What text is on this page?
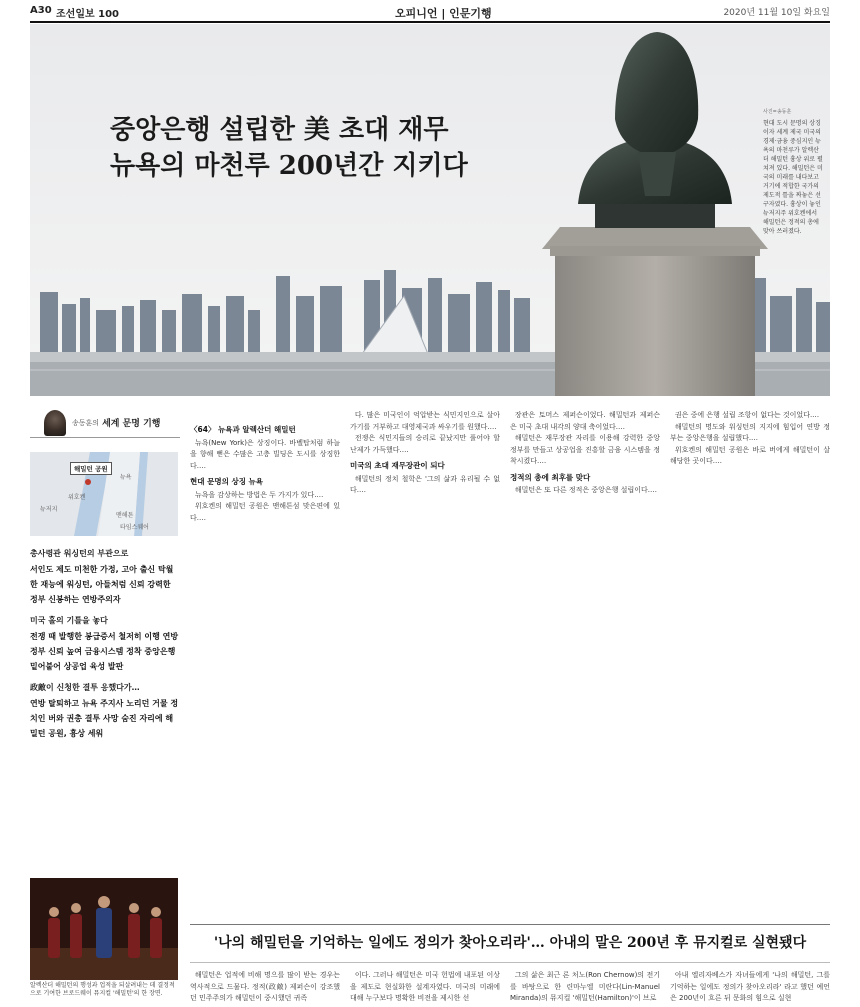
A30 조선일보 100	오피니언 | 인문기행	2020년 11월 10일 화요일
중앙은행 설립한 美 초대 재무
뉴욕의 마천루 200년간 지키다
사진=송동훈
현대 도시 문명의 상징이자 세계 제국 미국의 경제·금융 중심지인 뉴욕의 마천루가 알렉산더 해밀턴 흉상 위로 펼쳐져 있다. 해밀턴은 미국의 미래를 내다보고 거기에 적합한 국가의 제도적 틀을 짜놓은 선구자였다. 흉상이 놓인 뉴저지주 위호켄에서 해밀턴은 정적의 총에 맞아 쓰러졌다.
송동훈의 세계 문명 기행
해밀턴 공원
뉴저지
위호켄
뉴욕
맨해튼
타임스퀘어
총사령관 워싱턴의 부관으로
서인도 제도 미천한 가정, 고아 출신 탁월한 재능에 워싱턴, 아들처럼 신뢰 강력한 정부 신봉하는 연방주의자
미국 홀의 기틀을 놓다
전쟁 때 발행한 봉급증서 철저히 이행 연방정부 신뢰 높여 금융시스템 정착 중앙은행 밑어붙어 상공업 육성 발판
政敵이 신청한 결투 응했다가…
연방 탈퇴하고 뉴욕 주지사 노리던 거물 정치인 버와 권총 결투 사망 숨진 자리에 해밀턴 공원, 흉상 세워
알렉산더 해밀턴의 행성과 업적을 되살려내는 데 결정적으로 기여한 브로드웨이 뮤지컬 '해밀턴'의 한 장면.
〈64〉 뉴욕과 알렉산더 해밀턴

뉴욕(New York)은 상징이다. 바벨탑처럼 하늘을 향해 뻗은 수많은 고층 빌딩은 도시를 상징한다.…

현대 문명의 상징 뉴욕

뉴욕을 감상하는 방법은 두 가지가 있다.…

위호켄의 해밀턴 공원은 맨해튼섬 맞은편에 있다.…

다. 많은 미국인이 억압받는 식민지인으로 살아가기를 거부하고 대영제국과 싸우기를 원했다.…

전쟁은 식민지들의 승리로 끝났지만 풀어야 할 난제가 가득했다.…

미국의 초대 재무장관이 되다

해밀턴의 정치 철학은 '그의 삶과 유리될 수 없다.…

장관은 토머스 제퍼슨이었다. 해밀턴과 제퍼슨은 미국 초대 내각의 양대 축이었다.…

해밀턴은 재무장관 자리를 이용해 강력한 중앙정부를 만들고 상공업을 진흥할 금융 시스템을 정착시켰다.…

정적의 총에 최후를 맞다

해밀턴은 또 다른 정적은 중앙은행 설립이다.…

권은 중에 은행 설립 조항이 없다는 것이었다.…

해밀턴의 명도와 워싱턴의 지지에 힘입어 연방 정부는 중앙은행을 설립했다.…

위호켄의 해밀턴 공원은 바로 버에게 해밀턴이 살해당한 곳이다.…

'나의 해밀턴을 기억하는 일에도 정의가 찾아오리라'… 아내의 말은 200년 후 뮤지컬로 실현됐다

해밀턴은 업적에 비해 명으를 많이 받는 경우는 역사적으로 드물다. 정적(政敵) 제퍼슨이 강조했던 민주주의가 해밀턴이 중시했던 귀족

이다. 그러나 해밀턴은 미국 헌법에 내포된 이상을 제도로 현실화한 설계자였다. 미국의 미래에 대해 누구보다 명확한 비전을 제시한 선

그의 삶은 최근 론 처노(Ron Chernow)의 전기를 바탕으로 한 린마누엘 미란다(Lin-Manuel Miranda)의 뮤지컬 '해밀턴(Hamilton)'이 브로

아내 엘리자베스가 자녀들에게 '나의 해밀턴, 그를 기억하는 일에도 정의가 찾아오리라' 라고 했던 예언은 200년이 흐른 뒤 문화의 힘으로 실현
